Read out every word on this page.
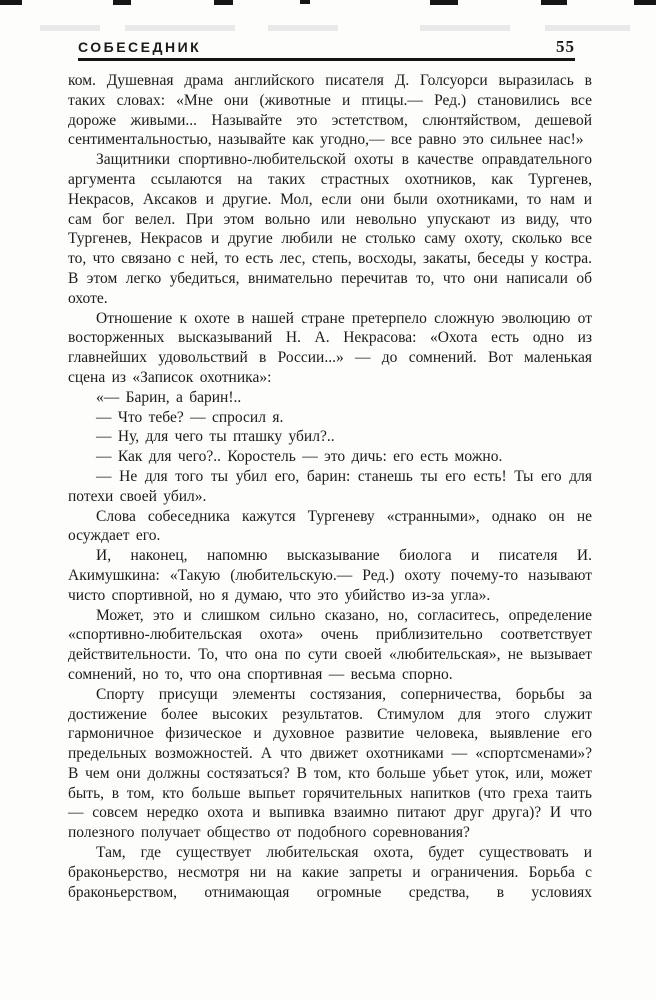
СОБЕСЕДНИК	55

ком. Душевная драма английского писателя Д. Голсуорси выразилась в таких словах: «Мне они (животные и птицы.— Ред.) становились все дороже живыми... Называйте это эстетством, слюнтяйством, дешевой сентиментальностью, называйте как угодно,— все равно это сильнее нас!»

Защитники спортивно-любительской охоты в качестве оправдательного аргумента ссылаются на таких страстных охотников, как Тургенев, Некрасов, Аксаков и другие. Мол, если они были охотниками, то нам и сам бог велел. При этом вольно или невольно упускают из виду, что Тургенев, Некрасов и другие любили не столько саму охоту, сколько все то, что связано с ней, то есть лес, степь, восходы, закаты, беседы у костра. В этом легко убедиться, внимательно перечитав то, что они написали об охоте.

Отношение к охоте в нашей стране претерпело сложную эволюцию от восторженных высказываний Н. А. Некрасова: «Охота есть одно из главнейших удовольствий в России...» — до сомнений. Вот маленькая сцена из «Записок охотника»:

«— Барин, а барин!..

— Что тебе? — спросил я.

— Ну, для чего ты пташку убил?..

— Как для чего?.. Коростель — это дичь: его есть можно.

— Не для того ты убил его, барин: станешь ты его есть! Ты его для потехи своей убил».

Слова собеседника кажутся Тургеневу «странными», однако он не осуждает его.

И, наконец, напомню высказывание биолога и писателя И. Акимушкина: «Такую (любительскую.— Ред.) охоту почему-то называют чисто спортивной, но я думаю, что это убийство из-за угла».

Может, это и слишком сильно сказано, но, согласитесь, определение «спортивно-любительская охота» очень приблизительно соответствует действительности. То, что она по сути своей «любительская», не вызывает сомнений, но то, что она спортивная — весьма спорно.

Спорту присущи элементы состязания, соперничества, борьбы за достижение более высоких результатов. Стимулом для этого служит гармоничное физическое и духовное развитие человека, выявление его предельных возможностей. А что движет охотниками — «спортсменами»? В чем они должны состязаться? В том, кто больше убьет уток, или, может быть, в том, кто больше выпьет горячительных напитков (что греха таить — совсем нередко охота и выпивка взаимно питают друг друга)? И что полезного получает общество от подобного соревнования?

Там, где существует любительская охота, будет существовать и браконьерство, несмотря ни на какие запреты и ограничения. Борьба с браконьерством, отнимающая огромные средства, в условиях
